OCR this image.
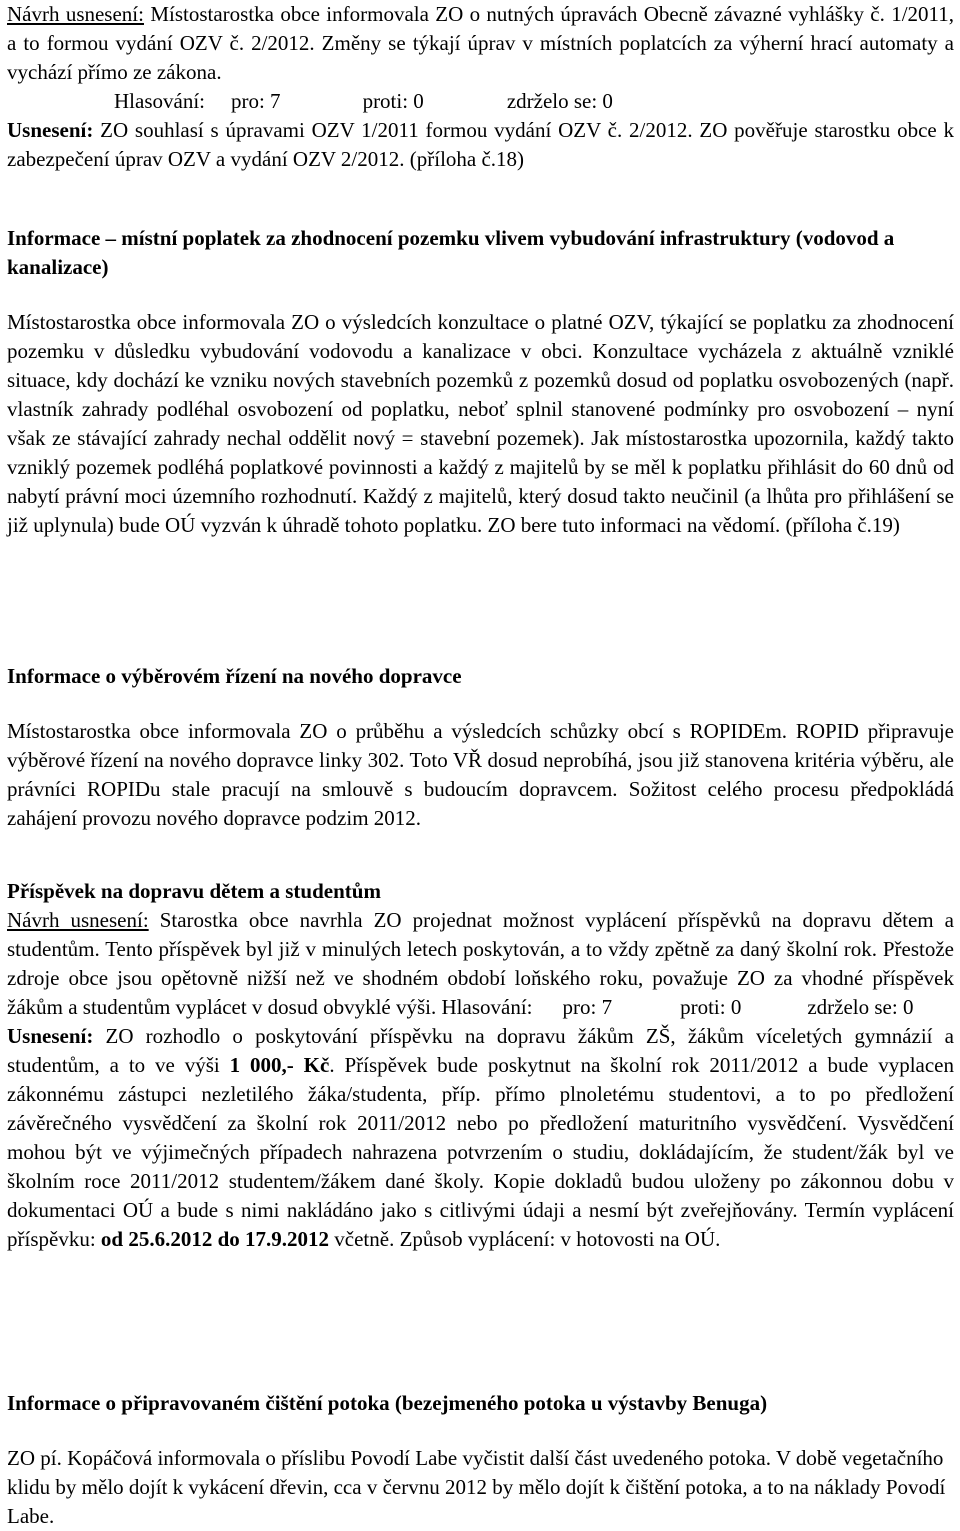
Návrh usnesení: Místostarostka obce informovala ZO o nutných úpravách Obecně závazné vyhlášky č. 1/2011, a to formou vydání OZV č. 2/2012. Změny se týkají úprav v místních poplatcích za výherní hrací automaty a vychází přímo ze zákona.

Hlasování: pro: 7	proti: 0	zdrželo se: 0

Usnesení: ZO souhlasí s úpravami OZV 1/2011 formou vydání OZV č. 2/2012. ZO pověřuje starostku obce k zabezpečení úprav OZV a vydání OZV 2/2012. (příloha č.18)

Informace – místní poplatek za zhodnocení pozemku vlivem vybudování infrastruktury (vodovod a kanalizace)

Místostarostka obce informovala ZO o výsledcích konzultace o platné OZV, týkající se poplatku za zhodnocení pozemku v důsledku vybudování vodovodu a kanalizace v obci. Konzultace vycházela z aktuálně vzniklé situace, kdy dochází ke vzniku nových stavebních pozemků z pozemků dosud od poplatku osvobozených (např. vlastník zahrady podléhal osvobození od poplatku, neboť splnil stanovené podmínky pro osvobození – nyní však ze stávající zahrady nechal oddělit nový = stavební pozemek). Jak místostarostka upozornila, každý takto vzniklý pozemek podléhá poplatkové povinnosti a každý z majitelů by se měl k poplatku přihlásit do 60 dnů od nabytí právní moci územního rozhodnutí. Každý z majitelů, který dosud takto neučinil (a lhůta pro přihlášení se již uplynula) bude OÚ vyzván k úhradě tohoto poplatku. ZO bere tuto informaci na vědomí. (příloha č.19)

Informace o výběrovém řízení na nového dopravce

Místostarostka obce informovala ZO o průběhu a výsledcích schůzky obcí s ROPIDEm. ROPID připravuje výběrové řízení na nového dopravce linky 302. Toto VŘ dosud neprobíhá, jsou již stanovena kritéria výběru, ale právníci ROPIDu stale pracují na smlouvě s budoucím dopravcem. Sožitost celého procesu předpokládá zahájení provozu nového dopravce podzim 2012.

Příspěvek na dopravu dětem a studentům

Návrh usnesení: Starostka obce navrhla ZO projednat možnost vyplácení příspěvků na dopravu dětem a studentům. Tento příspěvek byl již v minulých letech poskytován, a to vždy zpětně za daný školní rok. Přestože zdroje obce jsou opětovně nižší než ve shodném období loňského roku, považuje ZO za vhodné příspěvek žákům a studentům vyplácet v dosud obvyklé výši. Hlasování: pro: 7	proti: 0	zdrželo se: 0

Usnesení: ZO rozhodlo o poskytování příspěvku na dopravu žákům ZŠ, žákům víceletých gymnázií a studentům, a to ve výši 1 000,- Kč. Příspěvek bude poskytnut na školní rok 2011/2012 a bude vyplacen zákonnému zástupci nezletilého žáka/studenta, příp. přímo plnoletému studentovi, a to po předložení závěrečného vysvědčení za školní rok 2011/2012 nebo po předložení maturitního vysvědčení. Vysvědčení mohou být ve výjimečných případech nahrazena potvrzením o studiu, dokládajícím, že student/žák byl ve školním roce 2011/2012 studentem/žákem dané školy. Kopie dokladů budou uloženy po zákonnou dobu v dokumentaci OÚ a bude s nimi nakládáno jako s citlivými údaji a nesmí být zveřejňovány. Termín vyplácení příspěvku: od 25.6.2012 do 17.9.2012 včetně. Způsob vyplácení: v hotovosti na OÚ.

Informace o připravovaném čištění potoka (bezejmeného potoka u výstavby Benuga)

ZO pí. Kopáčová informovala o příslibu Povodí Labe vyčistit další část uvedeného potoka. V době vegetačního klidu by mělo dojít k vykácení dřevin, cca v červnu 2012 by mělo dojít k čištění potoka, a to na náklady Povodí Labe.
